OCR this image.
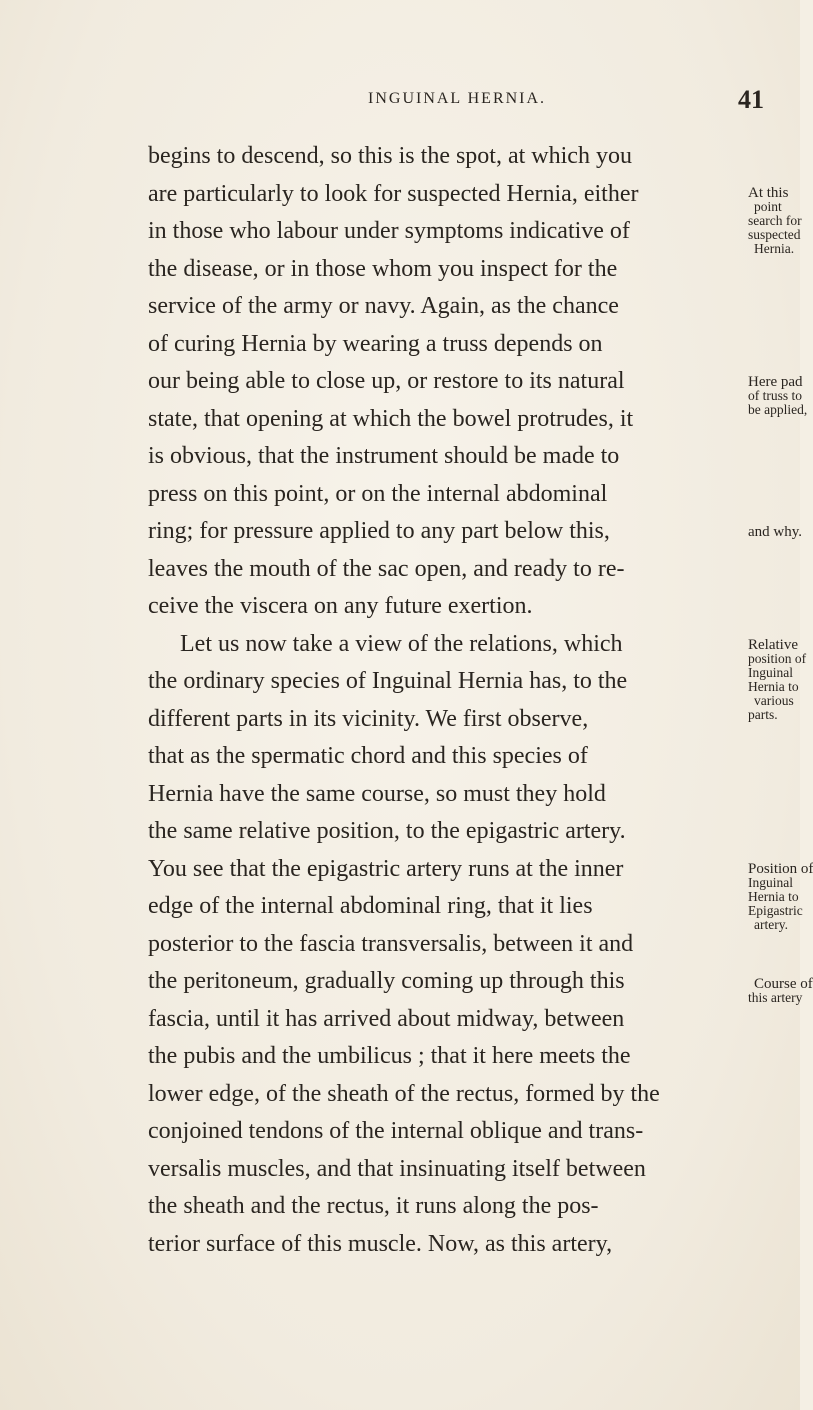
INGUINAL HERNIA.	41
begins to descend, so this is the spot, at which you
are particularly to look for suspected Hernia, either
in those who labour under symptoms indicative of
the disease, or in those whom you inspect for the
service of the army or navy. Again, as the chance
of curing Hernia by wearing a truss depends on
our being able to close up, or restore to its natural
state, that opening at which the bowel protrudes, it
is obvious, that the instrument should be made to
press on this point, or on the internal abdominal
ring; for pressure applied to any part below this,
leaves the mouth of the sac open, and ready to re-
ceive the viscera on any future exertion.
Let us now take a view of the relations, which
the ordinary species of Inguinal Hernia has, to the
different parts in its vicinity. We first observe,
that as the spermatic chord and this species of
Hernia have the same course, so must they hold
the same relative position, to the epigastric artery.
You see that the epigastric artery runs at the inner
edge of the internal abdominal ring, that it lies
posterior to the fascia transversalis, between it and
the peritoneum, gradually coming up through this
fascia, until it has arrived about midway, between
the pubis and the umbilicus ; that it here meets the
lower edge, of the sheath of the rectus, formed by the
conjoined tendons of the internal oblique and trans-
versalis muscles, and that insinuating itself between
the sheath and the rectus, it runs along the pos-
terior surface of this muscle. Now, as this artery,
At this
point
search for
suspected
Hernia.
Here pad
of truss to
be applied,
and why.
Relative
position of
Inguinal
Hernia to
various
parts.
Position of
Inguinal
Hernia to
Epigastric
artery.
Course of
this artery
